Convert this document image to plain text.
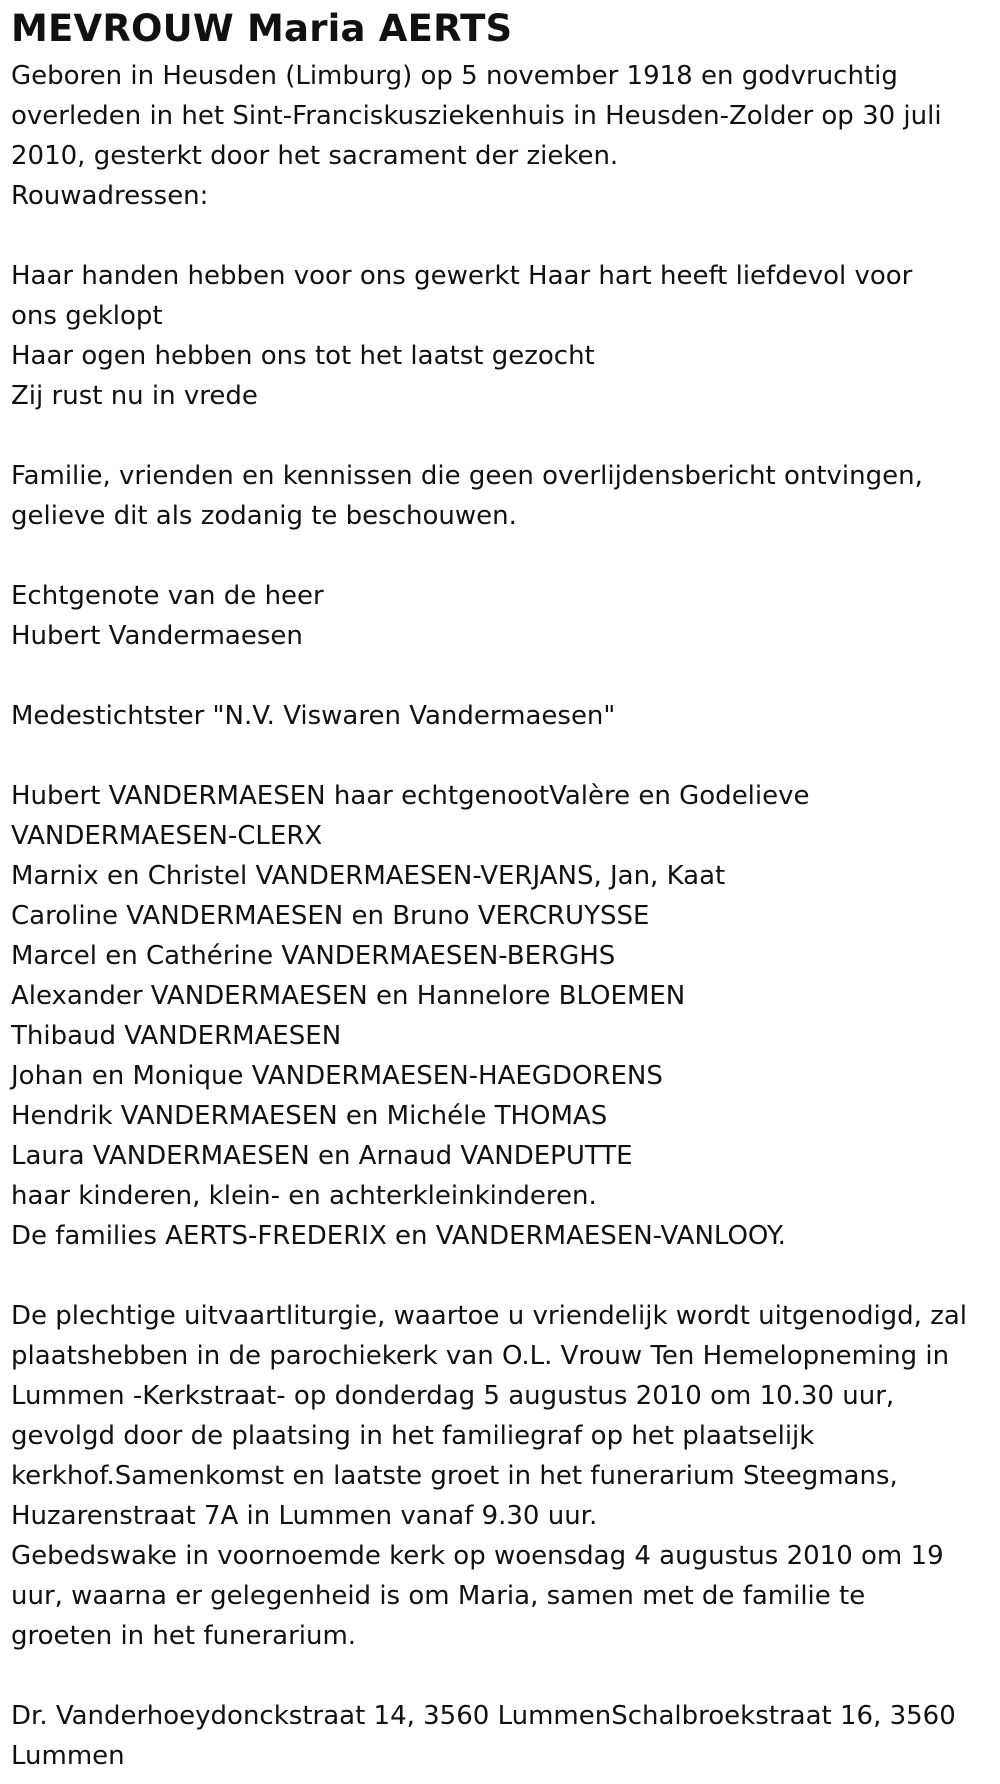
MEVROUW Maria AERTS
Geboren in Heusden (Limburg) op 5 november 1918 en godvruchtig
overleden in het Sint-Franciskusziekenhuis in Heusden-Zolder op 30 juli
2010, gesterkt door het sacrament der zieken.
Rouwadressen:
Haar handen hebben voor ons gewerkt Haar hart heeft liefdevol voor
ons geklopt
Haar ogen hebben ons tot het laatst gezocht
Zij rust nu in vrede
Familie, vrienden en kennissen die geen overlijdensbericht ontvingen,
gelieve dit als zodanig te beschouwen.
Echtgenote van de heer
Hubert Vandermaesen
Medestichtster "N.V. Viswaren Vandermaesen"
Hubert VANDERMAESEN haar echtgenootValère en Godelieve
VANDERMAESEN-CLERX
Marnix en Christel VANDERMAESEN-VERJANS, Jan, Kaat
Caroline VANDERMAESEN en Bruno VERCRUYSSE
Marcel en Cathérine VANDERMAESEN-BERGHS
Alexander VANDERMAESEN en Hannelore BLOEMEN
Thibaud VANDERMAESEN
Johan en Monique VANDERMAESEN-HAEGDORENS
Hendrik VANDERMAESEN en Michéle THOMAS
Laura VANDERMAESEN en Arnaud VANDEPUTTE
haar kinderen, klein- en achterkleinkinderen.
De families AERTS-FREDERIX en VANDERMAESEN-VANLOOY.
De plechtige uitvaartliturgie, waartoe u vriendelijk wordt uitgenodigd, zal
plaatshebben in de parochiekerk van O.L. Vrouw Ten Hemelopneming in
Lummen -Kerkstraat- op donderdag 5 augustus 2010 om 10.30 uur,
gevolgd door de plaatsing in het familiegraf op het plaatselijk
kerkhof.Samenkomst en laatste groet in het funerarium Steegmans,
Huzarenstraat 7A in Lummen vanaf 9.30 uur.
Gebedswake in voornoemde kerk op woensdag 4 augustus 2010 om 19
uur, waarna er gelegenheid is om Maria, samen met de familie te
groeten in het funerarium.
Dr. Vanderhoeydonckstraat 14, 3560 LummenSchalbroekstraat 16, 3560
Lummen
